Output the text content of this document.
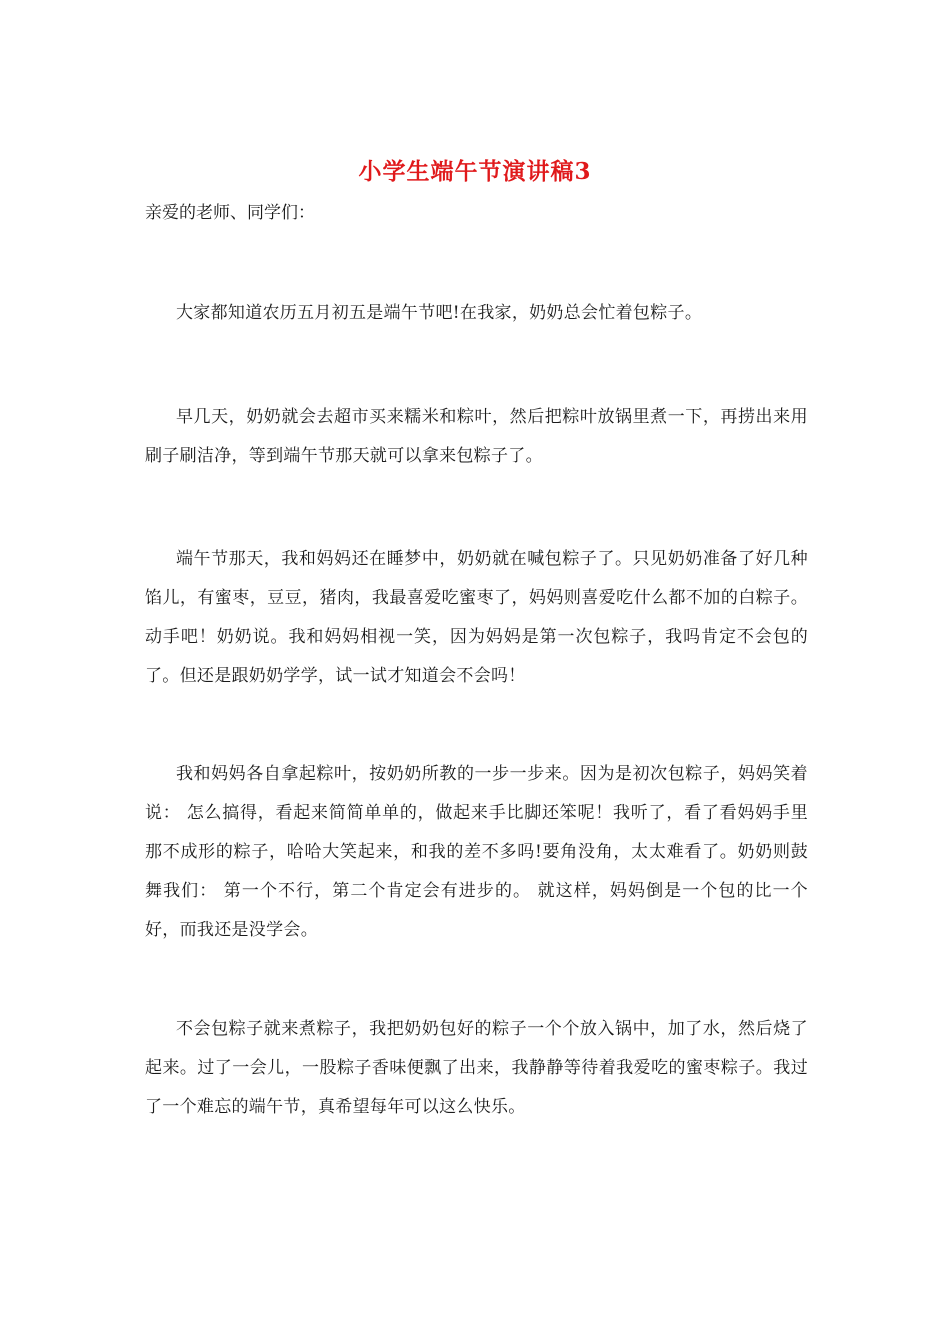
小学生端午节演讲稿3

亲爱的老师、同学们：

大家都知道农历五月初五是端午节吧!在我家，奶奶总会忙着包粽子。

早几天，奶奶就会去超市买来糯米和粽叶，然后把粽叶放锅里煮一下，再捞出来用刷子刷洁净，等到端午节那天就可以拿来包粽子了。

端午节那天，我和妈妈还在睡梦中，奶奶就在喊包粽子了。只见奶奶准备了好几种馅儿，有蜜枣，豆豆，猪肉，我最喜爱吃蜜枣了，妈妈则喜爱吃什么都不加的白粽子。 动手吧！奶奶说。我和妈妈相视一笑，因为妈妈是第一次包粽子，我吗肯定不会包的了。但还是跟奶奶学学，试一试才知道会不会吗！

我和妈妈各自拿起粽叶，按奶奶所教的一步一步来。因为是初次包粽子，妈妈笑着说： 怎么搞得，看起来简简单单的，做起来手比脚还笨呢！我听了，看了看妈妈手里那不成形的粽子，哈哈大笑起来，和我的差不多吗!要角没角，太太难看了。奶奶则鼓舞我们： 第一个不行，第二个肯定会有进步的。 就这样，妈妈倒是一个包的比一个好，而我还是没学会。

不会包粽子就来煮粽子，我把奶奶包好的粽子一个个放入锅中，加了水，然后烧了起来。过了一会儿，一股粽子香味便飘了出来，我静静等待着我爱吃的蜜枣粽子。我过了一个难忘的端午节，真希望每年可以这么快乐。
